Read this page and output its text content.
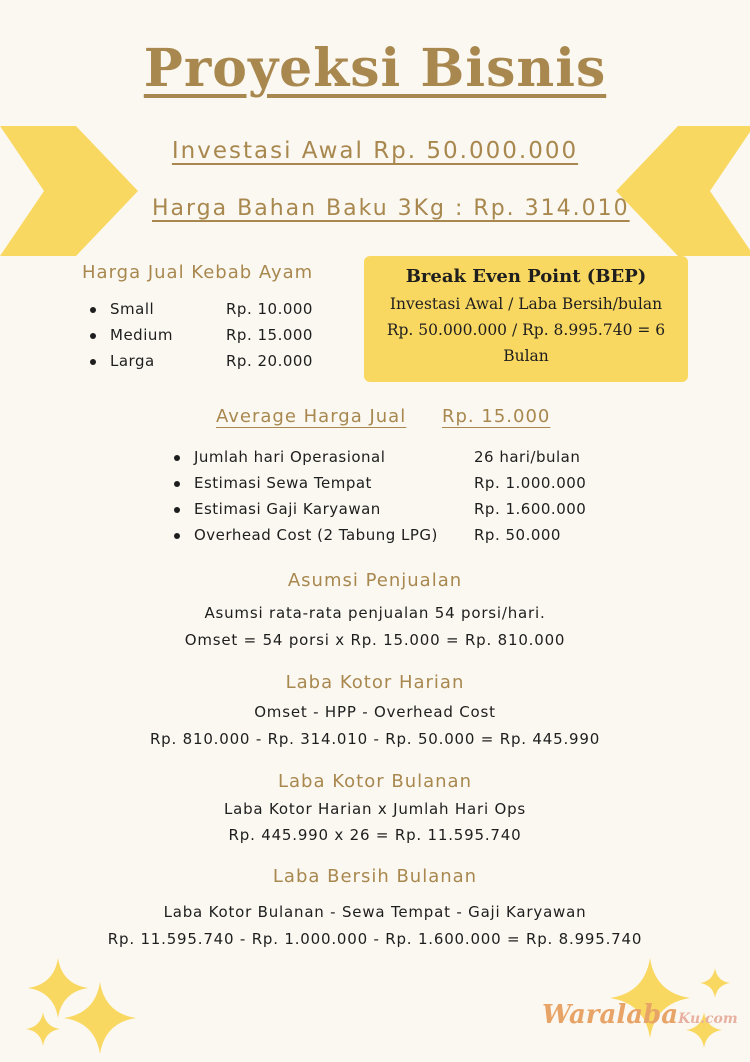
Proyeksi Bisnis
Investasi Awal Rp. 50.000.000
Harga Bahan Baku 3Kg : Rp. 314.010
Harga Jual Kebab Ayam
Small	Rp. 10.000
Medium	Rp. 15.000
Larga	Rp. 20.000
Break Even Point (BEP)
Investasi Awal / Laba Bersih/bulan
Rp. 50.000.000 / Rp. 8.995.740 = 6
Bulan
Average Harga Jual Rp. 15.000
Jumlah hari Operasional	26 hari/bulan
Estimasi Sewa Tempat	Rp. 1.000.000
Estimasi Gaji Karyawan	Rp. 1.600.000
Overhead Cost (2 Tabung LPG) Rp. 50.000
Asumsi Penjualan
Asumsi rata-rata penjualan 54 porsi/hari.
Omset = 54 porsi x Rp. 15.000 = Rp. 810.000
Laba Kotor Harian
Omset - HPP - Overhead Cost
Rp. 810.000 - Rp. 314.010 - Rp. 50.000 = Rp. 445.990
Laba Kotor Bulanan
Laba Kotor Harian x Jumlah Hari Ops
Rp. 445.990 x 26 = Rp. 11.595.740
Laba Bersih Bulanan
Laba Kotor Bulanan - Sewa Tempat - Gaji Karyawan
Rp. 11.595.740 - Rp. 1.000.000 - Rp. 1.600.000 = Rp. 8.995.740
WaralabaKu.com
